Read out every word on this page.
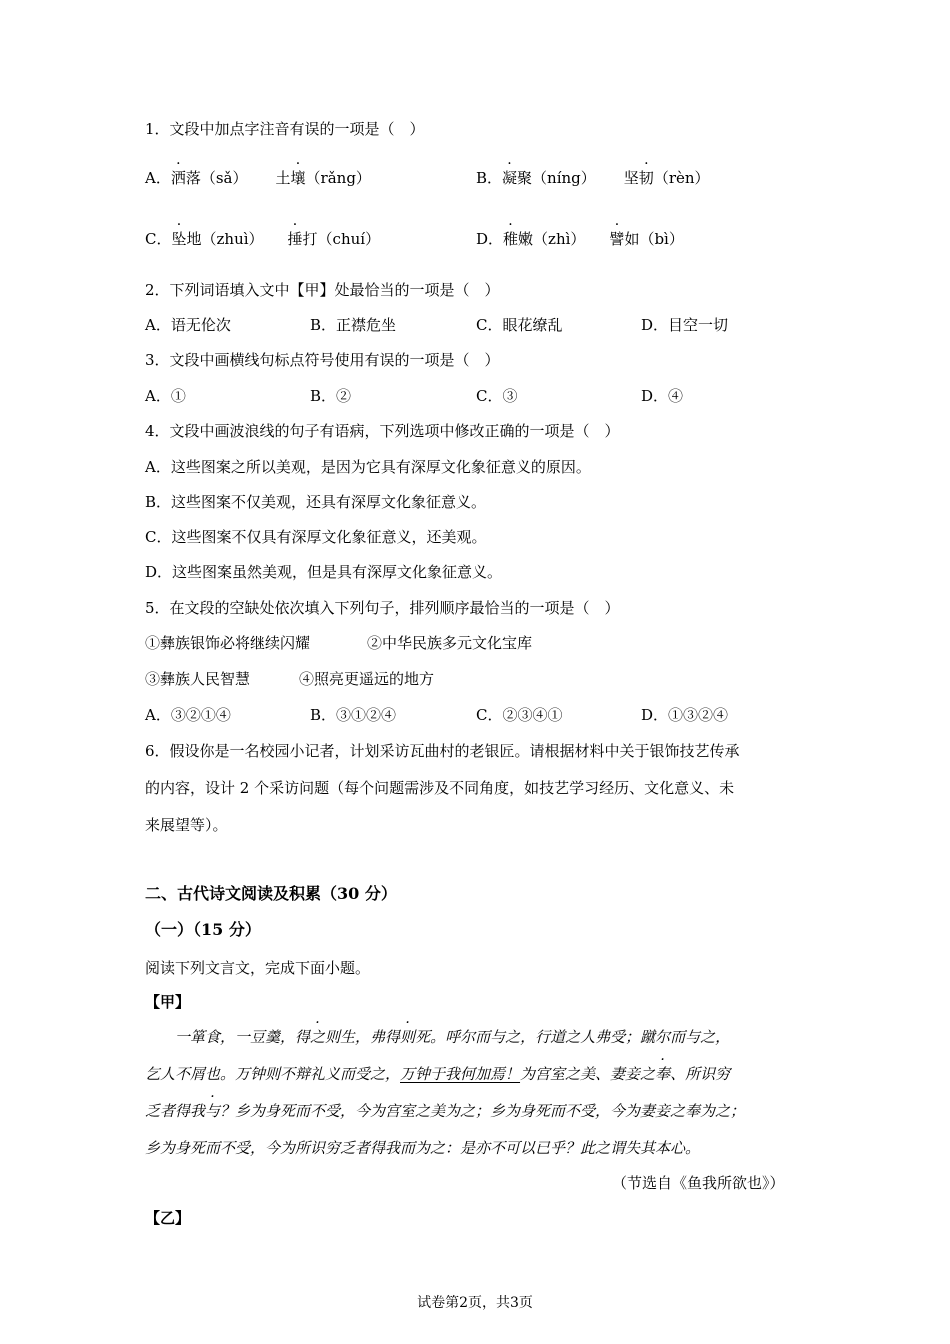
1．文段中加点字注音有误的一项是（　）
A．洒落（sǎ） 土壤（rǎng）	B．凝聚（níng） 坚韧（rèn）
C．坠地（zhuì） 捶打（chuí）	D．稚嫩（zhì） 譬如（bì）
2．下列词语填入文中【甲】处最恰当的一项是（　）
A．语无伦次	B．正襟危坐	C．眼花缭乱	D．目空一切
3．文段中画横线句标点符号使用有误的一项是（　）
A．①	B．②	C．③	D．④
4．文段中画波浪线的句子有语病，下列选项中修改正确的一项是（　）
A．这些图案之所以美观，是因为它具有深厚文化象征意义的原因。
B．这些图案不仅美观，还具有深厚文化象征意义。
C．这些图案不仅具有深厚文化象征意义，还美观。
D．这些图案虽然美观，但是具有深厚文化象征意义。
5．在文段的空缺处依次填入下列句子，排列顺序最恰当的一项是（　）
①彝族银饰必将继续闪耀	②中华民族多元文化宝库
③彝族人民智慧	④照亮更遥远的地方
A．③②①④	B．③①②④	C．②③④①	D．①③②④
6．假设你是一名校园小记者，计划采访瓦曲村的老银匠。请根据材料中关于银饰技艺传承
的内容，设计 2 个采访问题（每个问题需涉及不同角度，如技艺学习经历、文化意义、未
来展望等）。
二、古代诗文阅读及积累（30 分）
（一）（15 分）
阅读下列文言文，完成下面小题。
【甲】
一箪食，一豆羹，得之则生，弗得则死。呼尔而与之，行道之人弗受；蹴尔而与之，
乞人不屑也。万钟则不辩礼义而受之，万钟于我何加焉！为宫室之美、妻妾之奉、所识穷
乏者得我与？乡为身死而不受，今为宫室之美为之；乡为身死而不受，今为妻妾之奉为之；
乡为身死而不受，今为所识穷乏者得我而为之：是亦不可以已乎？此之谓失其本心。
（节选自《鱼我所欲也》）
【乙】
试卷第2页，共3页
